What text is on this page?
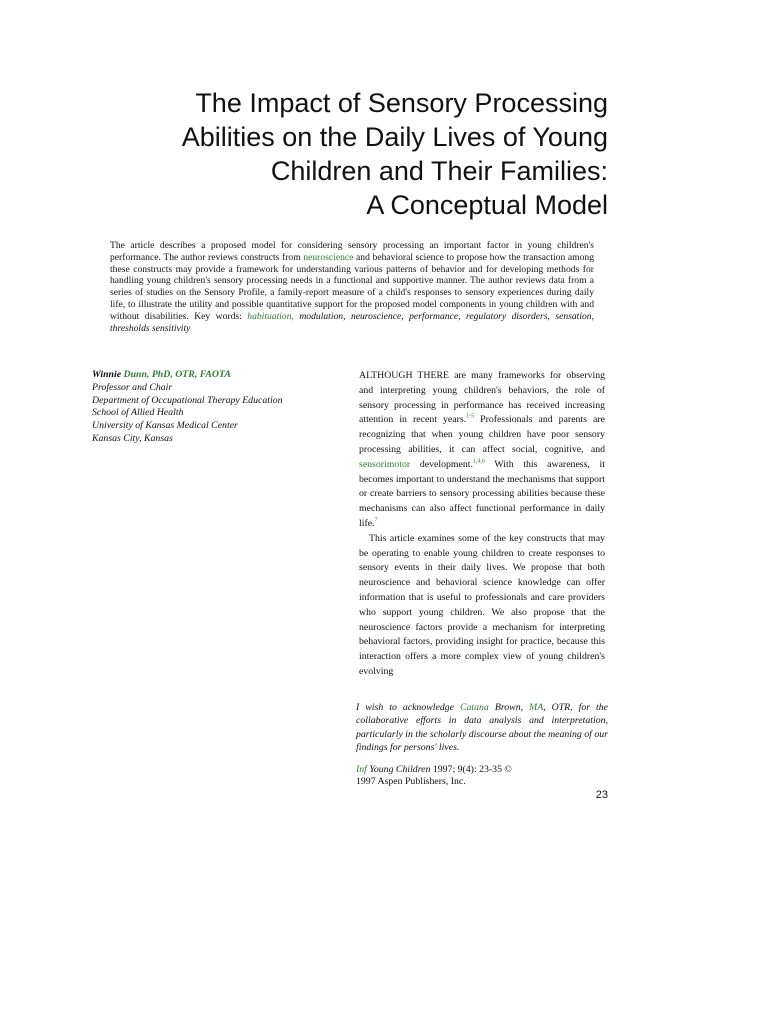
The Impact of Sensory Processing
Abilities on the Daily Lives of Young
Children and Their Families:
A Conceptual Model

The article describes a proposed model for considering sensory processing an important factor in young children's performance. The author reviews constructs from neuroscience and behavioral science to propose how the transaction among these constructs may provide a framework for understanding various patterns of behavior and for developing methods for handling young children's sensory processing needs in a functional and supportive manner. The author reviews data from a series of studies on the Sensory Profile, a family-report measure of a child's responses to sensory experiences during daily life, to illustrate the utility and possible quantitative support for the proposed model components in young children with and without disabilities. Key words: habituation, modulation, neuroscience, performance, regulatory disorders, sensation, thresholds sensitivity

Winnie Dunn, PhD, OTR, FAOTA
Professor and Chair
Department of Occupational Therapy Education
School of Allied Health
University of Kansas Medical Center
Kansas City, Kansas

ALTHOUGH THERE are many frameworks for observing and interpreting young children's behaviors, the role of sensory processing in performance has received increasing attention in recent years.$^{1-5}$ Professionals and parents are recognizing that when young children have poor sensory processing abilities, it can affect social, cognitive, and sensorimotor development.$^{1,4,6}$ With this awareness, it becomes important to understand the mechanisms that support or create barriers to sensory processing abilities because these mechanisms can also affect functional performance in daily life.$^7$

This article examines some of the key constructs that may be operating to enable young children to create responses to sensory events in their daily lives. We propose that both neuroscience and behavioral science knowledge can offer information that is useful to professionals and care providers who support young children. We also propose that the neuroscience factors provide a mechanism for interpreting behavioral factors, providing insight for practice, because this interaction offers a more complex view of young children's evolving

I wish to acknowledge Catana Brown, MA, OTR, for the collaborative efforts in data analysis and interpretation, particularly in the scholarly discourse about the meaning of our findings for persons' lives.

Inf Young Children 1997; 9(4): 23-35 ©
1997 Aspen Publishers, Inc.

23
